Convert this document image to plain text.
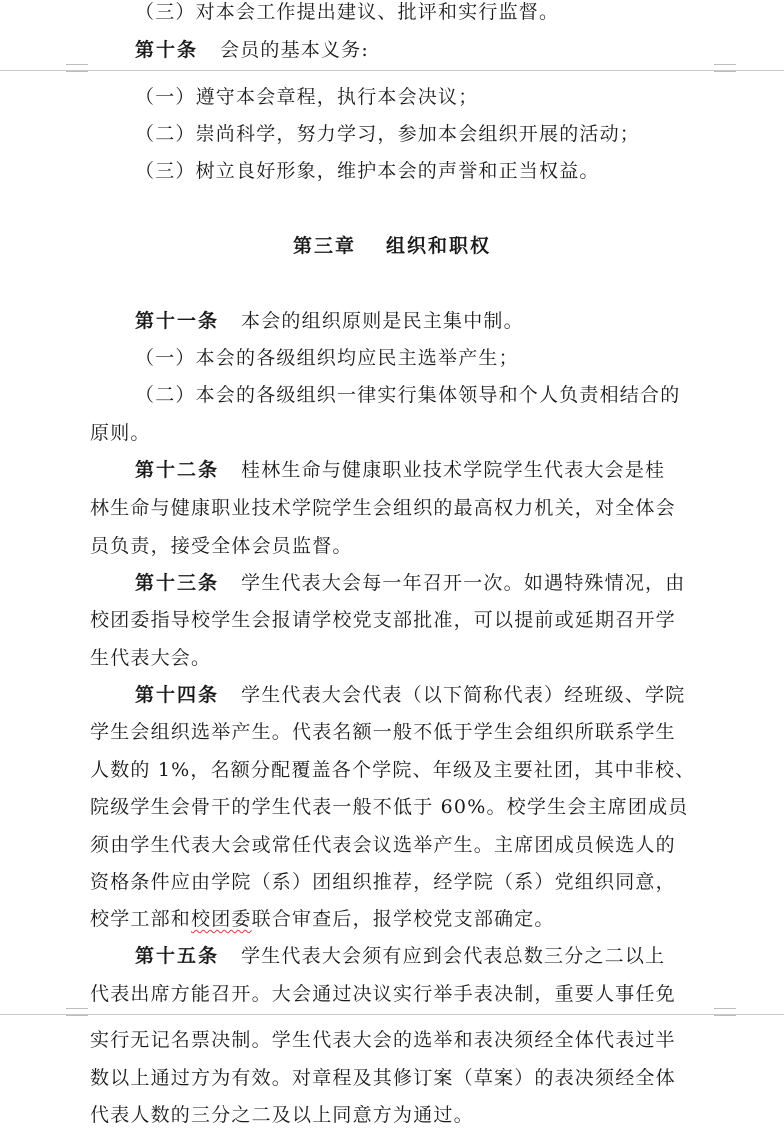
（三）对本会工作提出建议、批评和实行监督。
第十条 会员的基本义务:
（一）遵守本会章程，执行本会决议；
（二）崇尚科学，努力学习，参加本会组织开展的活动；
（三）树立良好形象，维护本会的声誉和正当权益。
第三章 组织和职权
第十一条 本会的组织原则是民主集中制。
（一）本会的各级组织均应民主选举产生；
（二）本会的各级组织一律实行集体领导和个人负责相结合的
原则。
第十二条 桂林生命与健康职业技术学院学生代表大会是桂
林生命与健康职业技术学院学生会组织的最高权力机关，对全体会
员负责，接受全体会员监督。
第十三条 学生代表大会每一年召开一次。如遇特殊情况，由
校团委指导校学生会报请学校党支部批准，可以提前或延期召开学
生代表大会。
第十四条 学生代表大会代表（以下简称代表）经班级、学院
学生会组织选举产生。代表名额一般不低于学生会组织所联系学生
人数的 1%，名额分配覆盖各个学院、年级及主要社团，其中非校、
院级学生会骨干的学生代表一般不低于 60%。校学生会主席团成员
须由学生代表大会或常任代表会议选举产生。主席团成员候选人的
资格条件应由学院（系）团组织推荐，经学院（系）党组织同意，
校学工部和校团委联合审查后，报学校党支部确定。
第十五条 学生代表大会须有应到会代表总数三分之二以上
代表出席方能召开。大会通过决议实行举手表决制，重要人事任免
实行无记名票决制。学生代表大会的选举和表决须经全体代表过半
数以上通过方为有效。对章程及其修订案（草案）的表决须经全体
代表人数的三分之二及以上同意方为通过。
